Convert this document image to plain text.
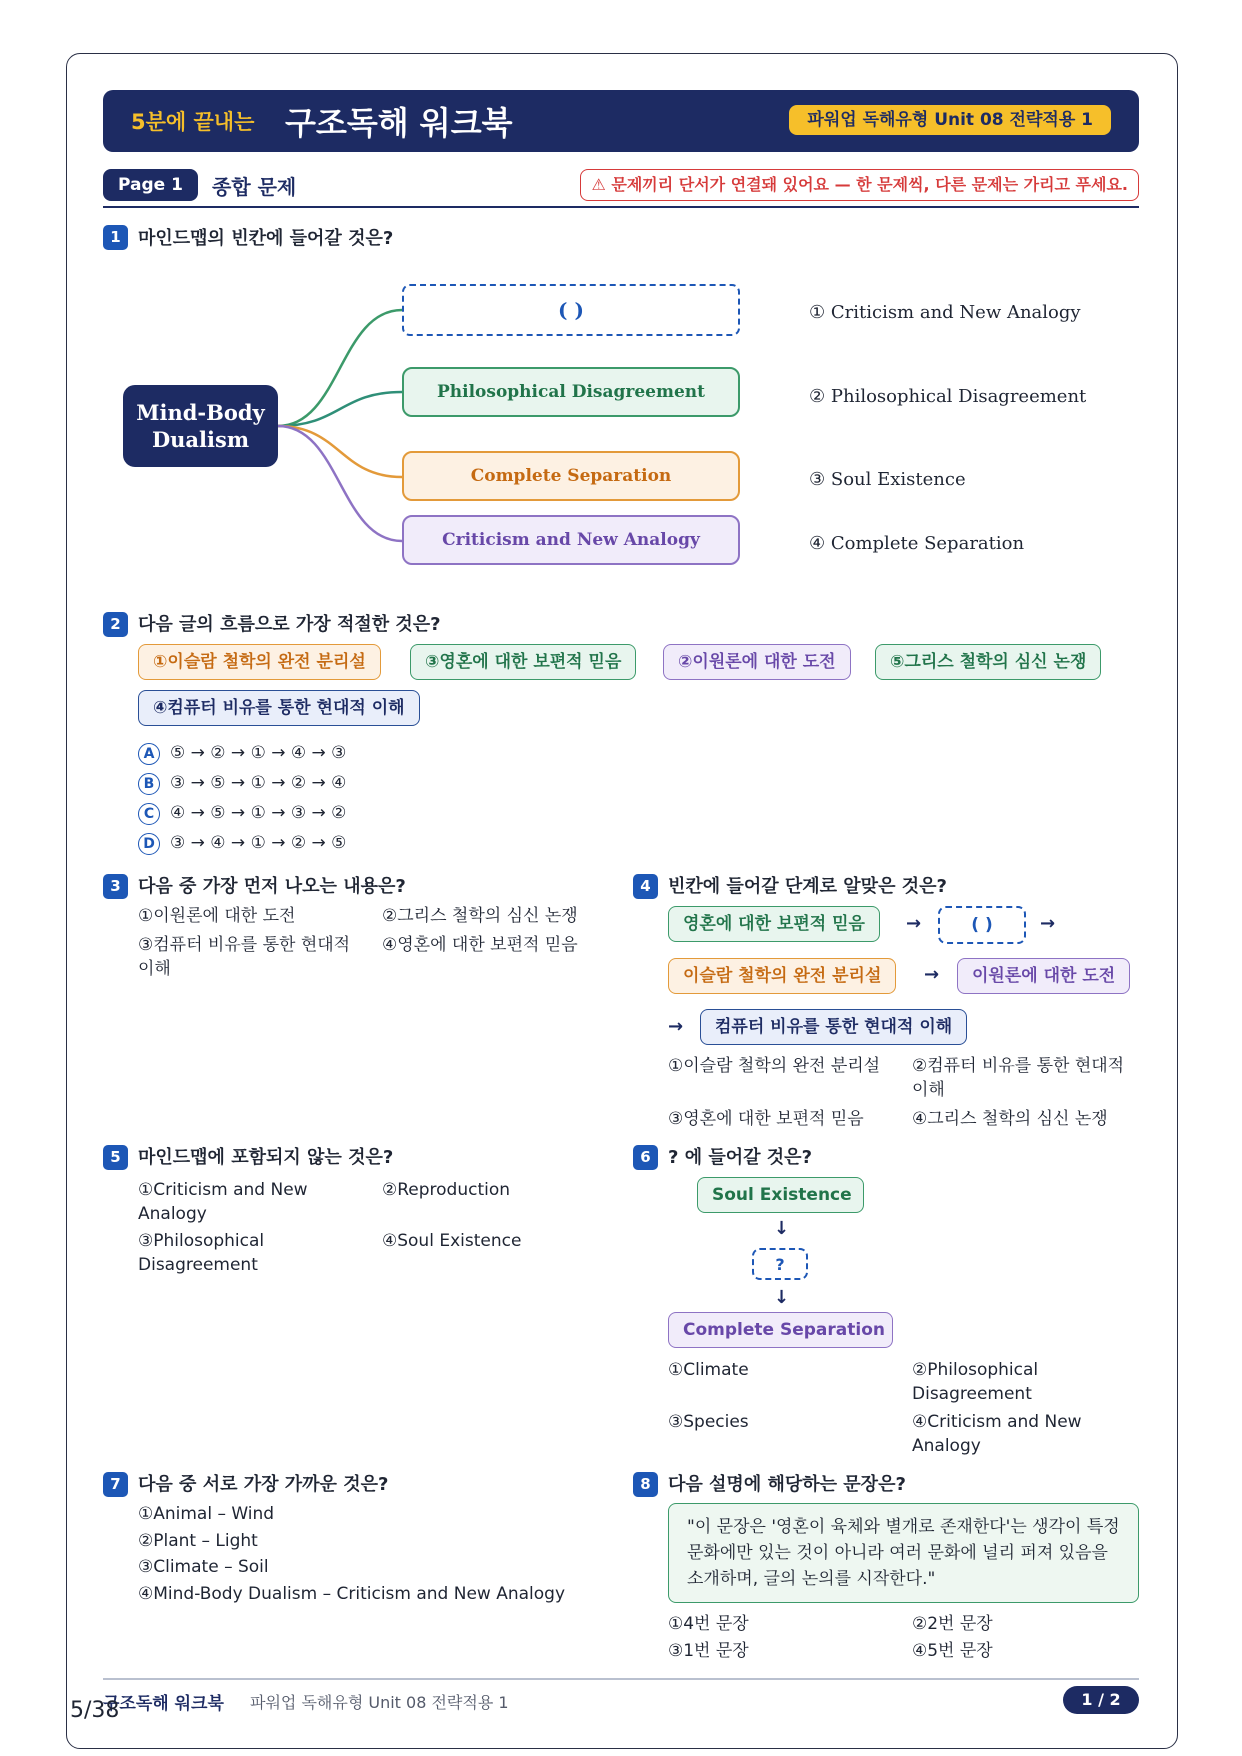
5분에 끝내는 구조독해 워크북	파워업 독해유형 Unit 08 전략적용 1
Page 1	종합 문제	⚠ 문제끼리 단서가 연결돼 있어요 — 한 문제씩, 다른 문제는 가리고 푸세요.
1 마인드맵의 빈칸에 들어갈 것은?
Mind-Body Dualism
( )
Philosophical Disagreement
Complete Separation
Criticism and New Analogy
① Criticism and New Analogy
② Philosophical Disagreement
③ Soul Existence
④ Complete Separation
2 다음 글의 흐름으로 가장 적절한 것은?
①이슬람 철학의 완전 분리설	③영혼에 대한 보편적 믿음	②이원론에 대한 도전	⑤그리스 철학의 심신 논쟁
④컴퓨터 비유를 통한 현대적 이해
A ⑤ → ② → ① → ④ → ③
B ③ → ⑤ → ① → ② → ④
C ④ → ⑤ → ① → ③ → ②
D ③ → ④ → ① → ② → ⑤
3 다음 중 가장 먼저 나오는 내용은?
①이원론에 대한 도전	②그리스 철학의 심신 논쟁
③컴퓨터 비유를 통한 현대적 이해
④영혼에 대한 보편적 믿음
4 빈칸에 들어갈 단계로 알맞은 것은?
영혼에 대한 보편적 믿음	→	( )	→
이슬람 철학의 완전 분리설	→	이원론에 대한 도전
→	컴퓨터 비유를 통한 현대적 이해
①이슬람 철학의 완전 분리설	②컴퓨터 비유를 통한 현대적 이해
③영혼에 대한 보편적 믿음	④그리스 철학의 심신 논쟁
5 마인드맵에 포함되지 않는 것은?
①Criticism and New Analogy
②Reproduction
③Philosophical Disagreement
④Soul Existence
6 ? 에 들어갈 것은?
Soul Existence
↓
?
↓
Complete Separation
①Climate	②Philosophical Disagreement
③Species	④Criticism and New Analogy
7 다음 중 서로 가장 가까운 것은?
①Animal – Wind
②Plant – Light
③Climate – Soil
④Mind-Body Dualism – Criticism and New Analogy
8 다음 설명에 해당하는 문장은?
"이 문장은 '영혼이 육체와 별개로 존재한다'는 생각이 특정 문화에만 있는 것이 아니라 여러 문화에 널리 퍼져 있음을 소개하며, 글의 논의를 시작한다."
①4번 문장	②2번 문장
③1번 문장	④5번 문장
구조독해 워크북 파워업 독해유형 Unit 08 전략적용 1	1 / 2
5/38
